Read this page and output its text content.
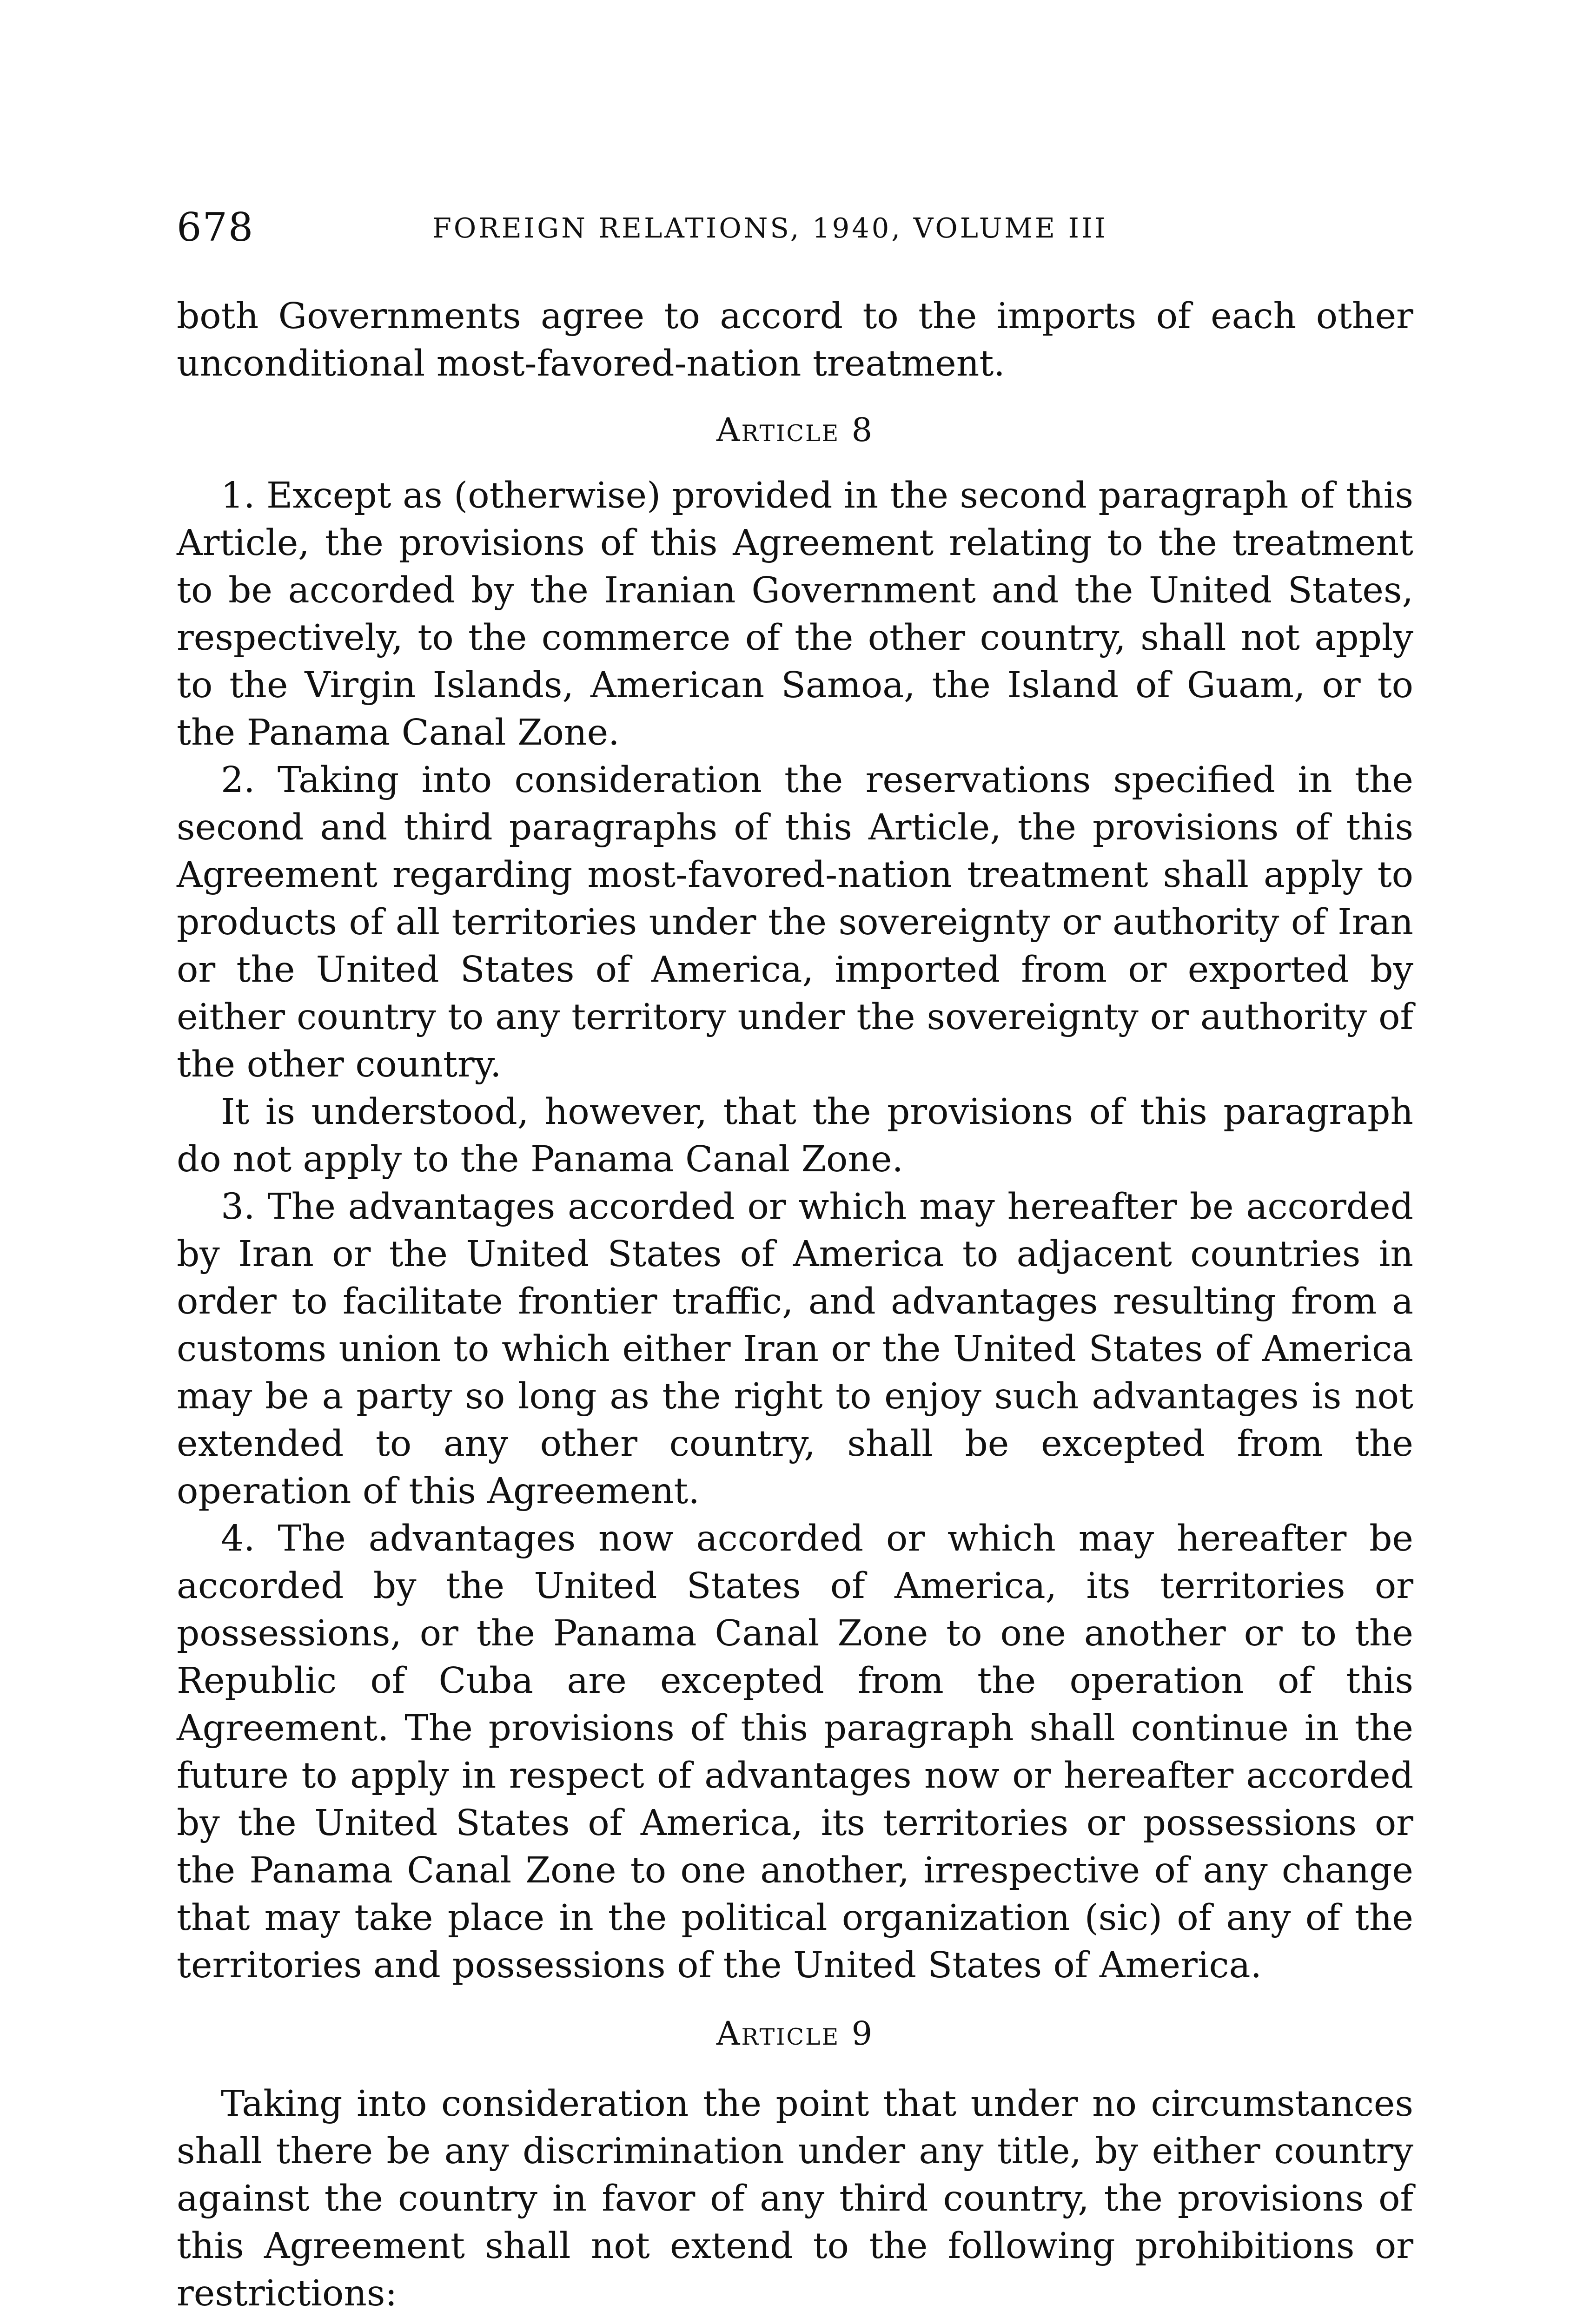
678	FOREIGN RELATIONS, 1940, VOLUME III

both Governments agree to accord to the imports of each other unconditional most-favored-nation treatment.

Article 8

1. Except as (otherwise) provided in the second paragraph of this Article, the provisions of this Agreement relating to the treatment to be accorded by the Iranian Government and the United States, respectively, to the commerce of the other country, shall not apply to the Virgin Islands, American Samoa, the Island of Guam, or to the Panama Canal Zone.

2. Taking into consideration the reservations specified in the second and third paragraphs of this Article, the provisions of this Agreement regarding most-favored-nation treatment shall apply to products of all territories under the sovereignty or authority of Iran or the United States of America, imported from or exported by either country to any territory under the sovereignty or authority of the other country.

It is understood, however, that the provisions of this paragraph do not apply to the Panama Canal Zone.

3. The advantages accorded or which may hereafter be accorded by Iran or the United States of America to adjacent countries in order to facilitate frontier traffic, and advantages resulting from a customs union to which either Iran or the United States of America may be a party so long as the right to enjoy such advantages is not extended to any other country, shall be excepted from the operation of this Agreement.

4. The advantages now accorded or which may hereafter be accorded by the United States of America, its territories or possessions, or the Panama Canal Zone to one another or to the Republic of Cuba are excepted from the operation of this Agreement. The provisions of this paragraph shall continue in the future to apply in respect of advantages now or hereafter accorded by the United States of America, its territories or possessions or the Panama Canal Zone to one another, irrespective of any change that may take place in the political organization (sic) of any of the territories and possessions of the United States of America.

Article 9

Taking into consideration the point that under no circumstances shall there be any discrimination under any title, by either country against the country in favor of any third country, the provisions of this Agreement shall not extend to the following prohibitions or restrictions:
